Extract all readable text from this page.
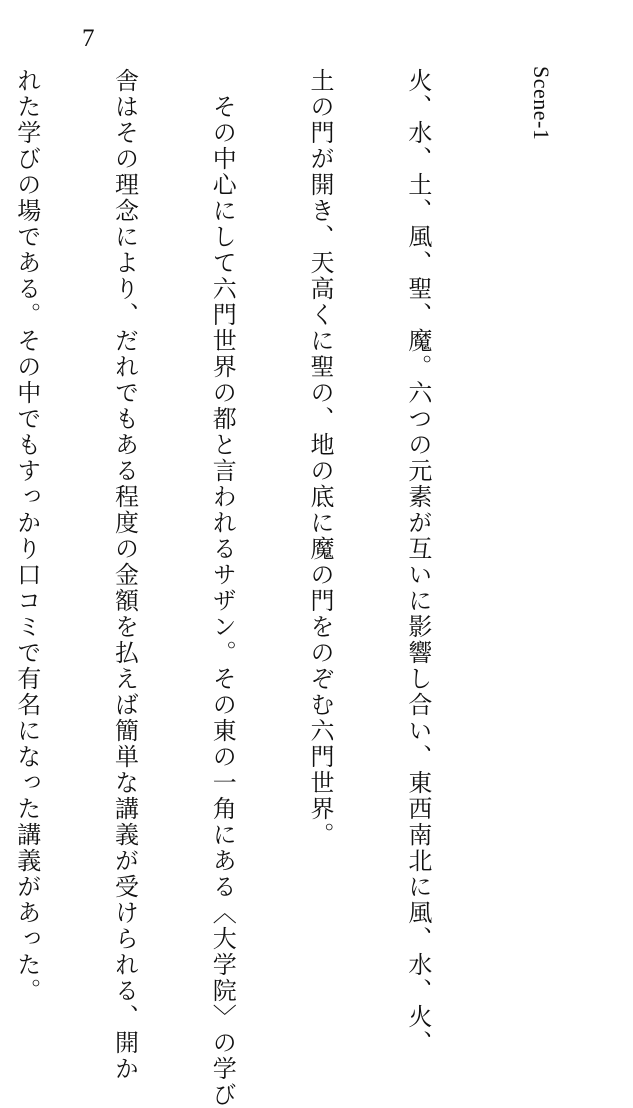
7
Scene-1

火、水、土、風、聖、魔。六つの元素が互いに影響し合い、東西南北に風、水、火、

土の門が開き、天高くに聖の、地の底に魔の門をのぞむ六門世界。

　その中心にして六門世界の都と言われるサザン。その東の一角にある〈大学院〉の学び

舎はその理念により、だれでもある程度の金額を払えば簡単な講義が受けられる、開か

れた学びの場である。その中でもすっかり口コミで有名になった講義があった。
